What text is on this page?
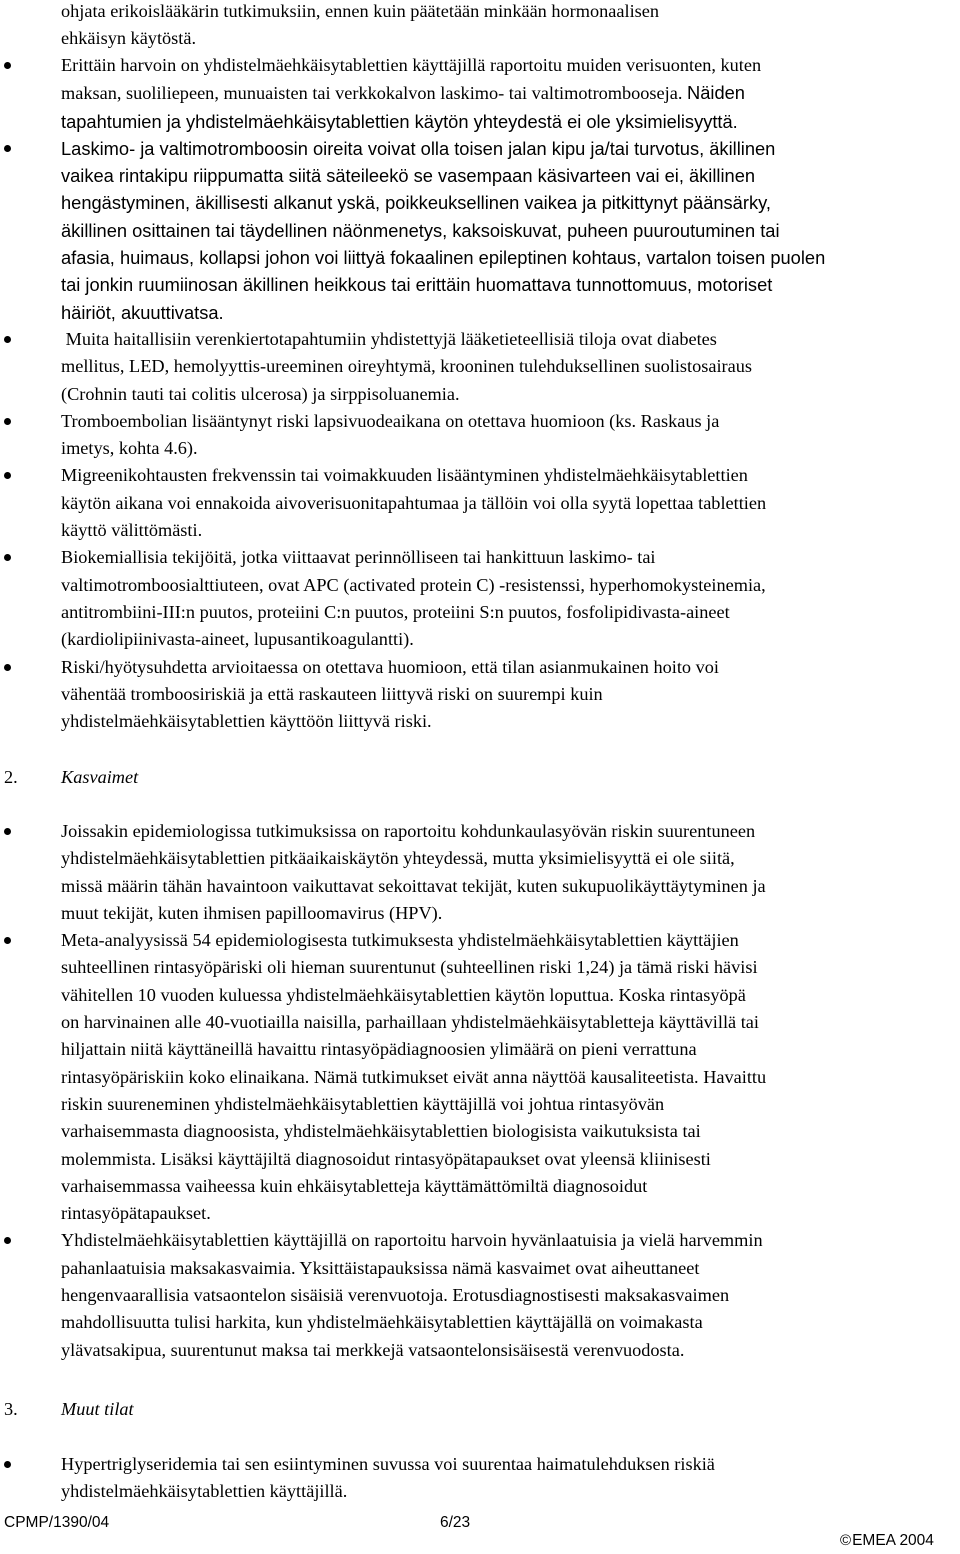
ohjata erikoislääkärin tutkimuksiin, ennen kuin päätetään minkään hormonaalisen
ehkäisyn käytöstä.
Erittäin harvoin on yhdistelmäehkäisytablettien käyttäjillä raportoitu muiden verisuonten, kuten
maksan, suoliliepeen, munuaisten tai verkkokalvon laskimo- tai valtimotrombooseja. Näiden
tapahtumien ja yhdistelmäehkäisytablettien käytön yhteydestä ei ole yksimielisyyttä.
Laskimo- ja valtimotromboosin oireita voivat olla toisen jalan kipu ja/tai turvotus, äkillinen
vaikea rintakipu riippumatta siitä säteileekö se vasempaan käsivarteen vai ei, äkillinen
hengästyminen, äkillisesti alkanut yskä, poikkeuksellinen vaikea ja pitkittynyt päänsärky,
äkillinen osittainen tai täydellinen näönmenetys, kaksoiskuvat, puheen puuroutuminen tai
afasia, huimaus, kollapsi johon voi liittyä fokaalinen epileptinen kohtaus, vartalon toisen puolen
tai jonkin ruumiinosan äkillinen heikkous tai erittäin huomattava tunnottomuus, motoriset
häiriöt, akuuttivatsa.
Muita haitallisiin verenkiertotapahtumiin yhdistettyjä lääketieteellisiä tiloja ovat diabetes
mellitus, LED, hemolyyttis-ureeminen oireyhtymä, krooninen tulehduksellinen suolistosairaus
(Crohnin tauti tai colitis ulcerosa) ja sirppisoluanemia.
Tromboembolian lisääntynyt riski lapsivuodeaikana on otettava huomioon (ks. Raskaus ja
imetys, kohta 4.6).
Migreenikohtausten frekvenssin tai voimakkuuden lisääntyminen yhdistelmäehkäisytablettien
käytön aikana voi ennakoida aivoverisuonitapahtumaa ja tällöin voi olla syytä lopettaa tablettien
käyttö välittömästi.
Biokemiallisia tekijöitä, jotka viittaavat perinnölliseen tai hankittuun laskimo- tai
valtimotromboosialttiuteen, ovat APC (activated protein C) -resistenssi, hyperhomokysteinemia,
antitrombiini-III:n puutos, proteiini C:n puutos, proteiini S:n puutos, fosfolipidivasta-aineet
(kardiolipiinivasta-aineet, lupusantikoagulantti).
Riski/hyötysuhdetta arvioitaessa on otettava huomioon, että tilan asianmukainen hoito voi
vähentää tromboosiriskiä ja että raskauteen liittyvä riski on suurempi kuin
yhdistelmäehkäisytablettien käyttöön liittyvä riski.
2. Kasvaimet
Joissakin epidemiologissa tutkimuksissa on raportoitu kohdunkaulasyövän riskin suurentuneen
yhdistelmäehkäisytablettien pitkäaikaiskäytön yhteydessä, mutta yksimielisyyttä ei ole siitä,
missä määrin tähän havaintoon vaikuttavat sekoittavat tekijät, kuten sukupuolikäyttäytyminen ja
muut tekijät, kuten ihmisen papilloomavirus (HPV).
Meta-analyysissä 54 epidemiologisesta tutkimuksesta yhdistelmäehkäisytablettien käyttäjien
suhteellinen rintasyöpäriski oli hieman suurentunut (suhteellinen riski 1,24) ja tämä riski hävisi
vähitellen 10 vuoden kuluessa yhdistelmäehkäisytablettien käytön loputtua. Koska rintasyöpä
on harvinainen alle 40-vuotiailla naisilla, parhaillaan yhdistelmäehkäisytabletteja käyttävillä tai
hiljattain niitä käyttäneillä havaittu rintasyöpädiagnoosien ylimäärä on pieni verrattuna
rintasyöpäriskiin koko elinaikana. Nämä tutkimukset eivät anna näyttöä kausaliteetista. Havaittu
riskin suureneminen yhdistelmäehkäisytablettien käyttäjillä voi johtua rintasyövän
varhaisemmasta diagnoosista, yhdistelmäehkäisytablettien biologisista vaikutuksista tai
molemmista. Lisäksi käyttäjiltä diagnosoidut rintasyöpätapaukset ovat yleensä kliinisesti
varhaisemmassa vaiheessa kuin ehkäisytabletteja käyttämättömiltä diagnosoidut
rintasyöpätapaukset.
Yhdistelmäehkäisytablettien käyttäjillä on raportoitu harvoin hyvänlaatuisia ja vielä harvemmin
pahanlaatuisia maksakasvaimia. Yksittäistapauksissa nämä kasvaimet ovat aiheuttaneet
hengenvaarallisia vatsaontelon sisäisiä verenvuotoja. Erotusdiagnostisesti maksakasvaimen
mahdollisuutta tulisi harkita, kun yhdistelmäehkäisytablettien käyttäjällä on voimakasta
ylävatsakipua, suurentunut maksa tai merkkejä vatsaontelonsisäisestä verenvuodosta.
3. Muut tilat
Hypertriglyseridemia tai sen esiintyminen suvussa voi suurentaa haimatulehduksen riskiä
yhdistelmäehkäisytablettien käyttäjillä.
CPMP/1390/04	6/23
©EMEA 2004
